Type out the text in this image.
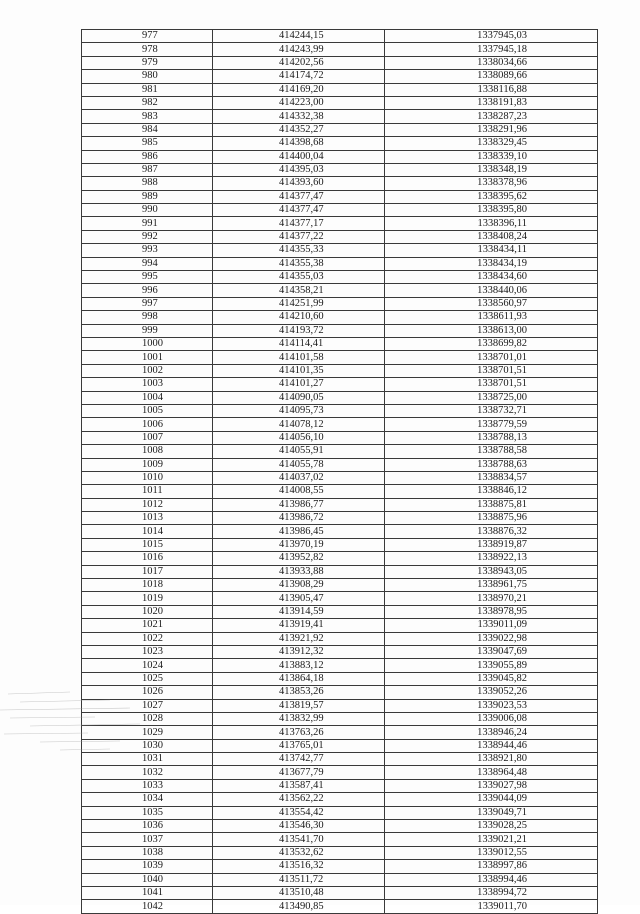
977	414244,15	1337945,03
978	414243,99	1337945,18
979	414202,56	1338034,66
980	414174,72	1338089,66
981	414169,20	1338116,88
982	414223,00	1338191,83
983	414332,38	1338287,23
984	414352,27	1338291,96
985	414398,68	1338329,45
986	414400,04	1338339,10
987	414395,03	1338348,19
988	414393,60	1338378,96
989	414377,47	1338395,62
990	414377,47	1338395,80
991	414377,17	1338396,11
992	414377,22	1338408,24
993	414355,33	1338434,11
994	414355,38	1338434,19
995	414355,03	1338434,60
996	414358,21	1338440,06
997	414251,99	1338560,97
998	414210,60	1338611,93
999	414193,72	1338613,00
1000	414114,41	1338699,82
1001	414101,58	1338701,01
1002	414101,35	1338701,51
1003	414101,27	1338701,51
1004	414090,05	1338725,00
1005	414095,73	1338732,71
1006	414078,12	1338779,59
1007	414056,10	1338788,13
1008	414055,91	1338788,58
1009	414055,78	1338788,63
1010	414037,02	1338834,57
1011	414008,55	1338846,12
1012	413986,77	1338875,81
1013	413986,72	1338875,96
1014	413986,45	1338876,32
1015	413970,19	1338919,87
1016	413952,82	1338922,13
1017	413933,88	1338943,05
1018	413908,29	1338961,75
1019	413905,47	1338970,21
1020	413914,59	1338978,95
1021	413919,41	1339011,09
1022	413921,92	1339022,98
1023	413912,32	1339047,69
1024	413883,12	1339055,89
1025	413864,18	1339045,82
1026	413853,26	1339052,26
1027	413819,57	1339023,53
1028	413832,99	1339006,08
1029	413763,26	1338946,24
1030	413765,01	1338944,46
1031	413742,77	1338921,80
1032	413677,79	1338964,48
1033	413587,41	1339027,98
1034	413562,22	1339044,09
1035	413554,42	1339049,71
1036	413546,30	1339028,25
1037	413541,70	1339021,21
1038	413532,62	1339012,55
1039	413516,32	1338997,86
1040	413511,72	1338994,46
1041	413510,48	1338994,72
1042	413490,85	1339011,70
